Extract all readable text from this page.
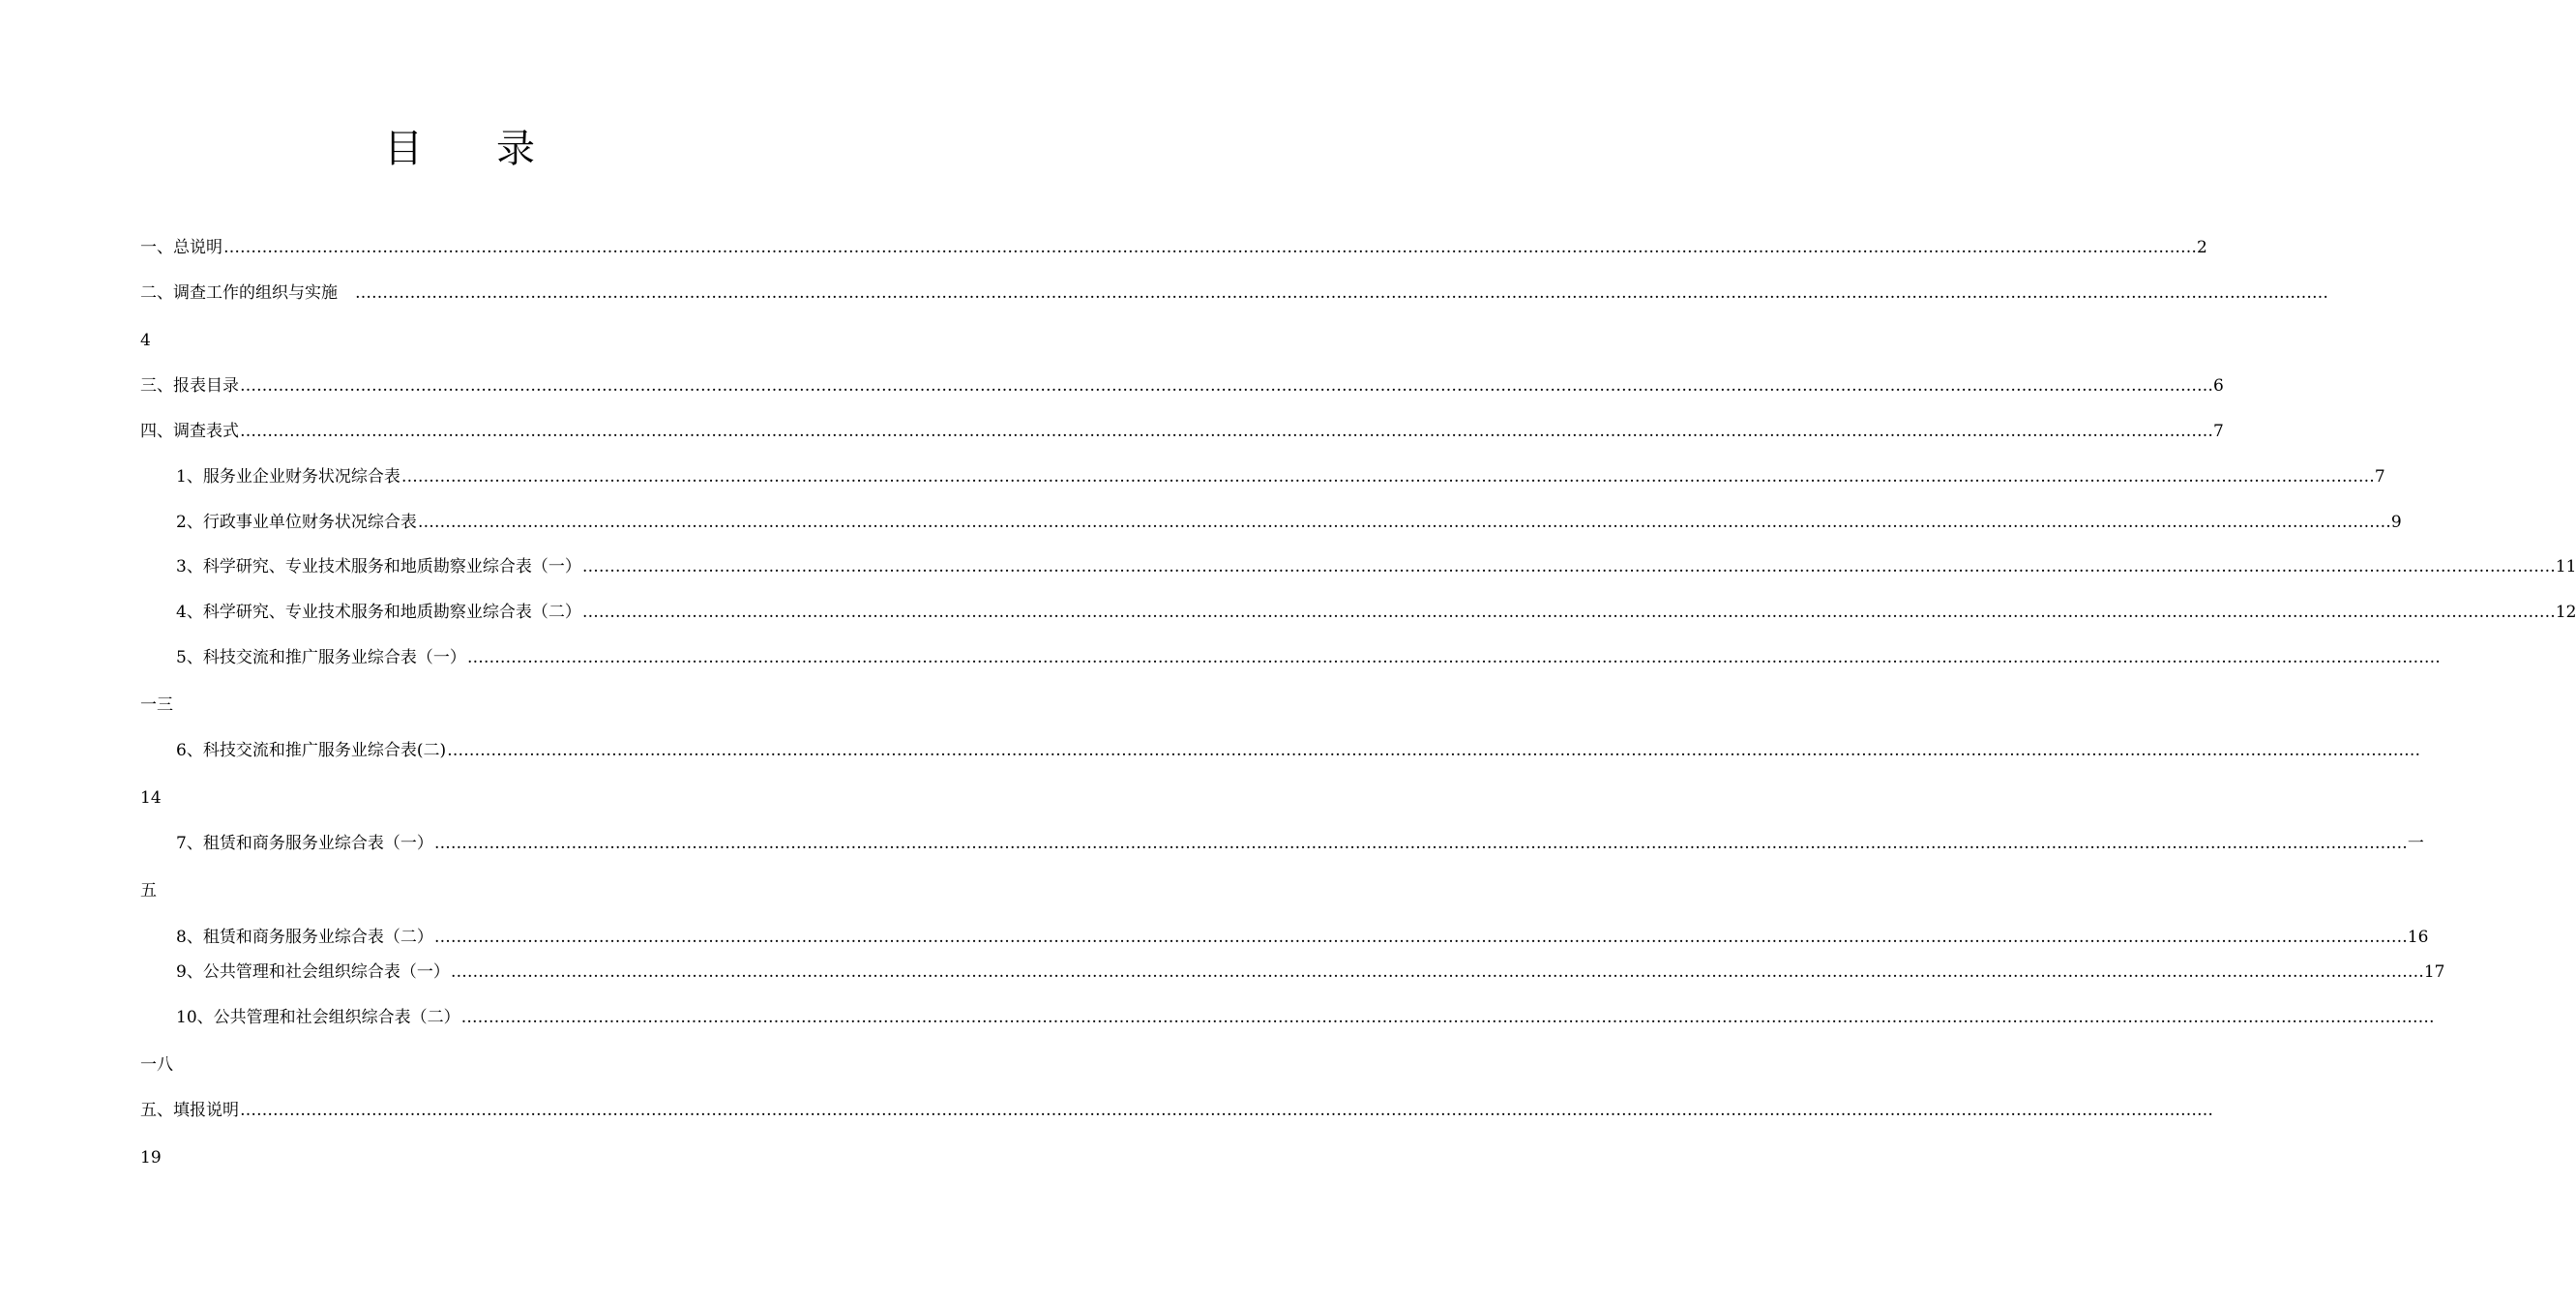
目 录
一、总说明 ……………………………………………………………………………………………………………………………………………………………………………………………………………………………………………………………………………………………………………………………… 2
二、调查工作的组织与实施　 ………………………………………………………………………………………………………………………………………………………………………………………………………………………………………………………………………………………………………………………………
4
三、报表目录 ……………………………………………………………………………………………………………………………………………………………………………………………………………………………………………………………………………………………………………………………… 6
四、调查表式 ……………………………………………………………………………………………………………………………………………………………………………………………………………………………………………………………………………………………………………………………… 7
1、服务业企业财务状况综合表 ……………………………………………………………………………………………………………………………………………………………………………………………………………………………………………………………………………………………………………………………… 7
2、行政事业单位财务状况综合表 ……………………………………………………………………………………………………………………………………………………………………………………………………………………………………………………………………………………………………………………………… 9
3、科学研究、专业技术服务和地质勘察业综合表（一） ……………………………………………………………………………………………………………………………………………………………………………………………………………………………………………………………………………………………………………………………… 11
4、科学研究、专业技术服务和地质勘察业综合表（二） ……………………………………………………………………………………………………………………………………………………………………………………………………………………………………………………………………………………………………………………………… 12
5、科技交流和推广服务业综合表（一） ………………………………………………………………………………………………………………………………………………………………………………………………………………………………………………………………………………………………………………………………
一三
6、科技交流和推广服务业综合表(二) ………………………………………………………………………………………………………………………………………………………………………………………………………………………………………………………………………………………………………………………………
14
7、租赁和商务服务业综合表（一） ……………………………………………………………………………………………………………………………………………………………………………………………………………………………………………………………………………………………………………………………… 一
五
8、租赁和商务服务业综合表（二） ……………………………………………………………………………………………………………………………………………………………………………………………………………………………………………………………………………………………………………………………… 16
9、公共管理和社会组织综合表（一） ……………………………………………………………………………………………………………………………………………………………………………………………………………………………………………………………………………………………………………………………… 17
10、公共管理和社会组织综合表（二） ………………………………………………………………………………………………………………………………………………………………………………………………………………………………………………………………………………………………………………………………
一八
五、填报说明 ………………………………………………………………………………………………………………………………………………………………………………………………………………………………………………………………………………………………………………………………
19
